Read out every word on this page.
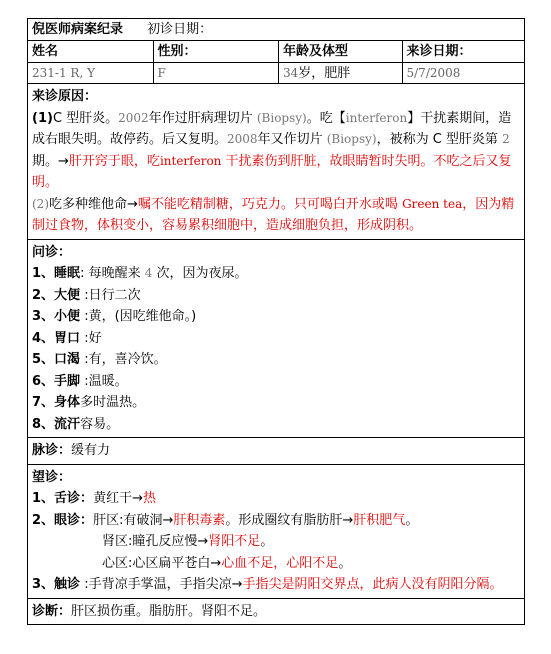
倪医师病案纪录 初诊日期：
姓名	性别：	年龄及体型	来诊日期：
231-1 R, Y	F	34岁，肥胖	5/7/2008
来诊原因：
(1)C 型肝炎。2002年作过肝病理切片 (Biopsy)。吃【interferon】干扰素期间，造成右眼失明。故停药。后又复明。2008年又作切片 (Biopsy)，被称为 C 型肝炎第 2 期。→肝开窍于眼，吃interferon 干扰素伤到肝脏，故眼睛暂时失明。不吃之后又复明。
(2)吃多种维他命→嘱不能吃精制糖，巧克力。只可喝白开水或喝 Green tea，因为精制过食物，体积变小，容易累积细胞中，造成细胞负担，形成阴积。
问诊：
1、睡眠: 每晚醒来 4 次，因为夜尿。
2、大便 :日行二次
3、小便 :黄，(因吃维他命。)
4、胃口 :好
5、口渴 :有，喜冷饮。
6、手脚 :温暖。
7、身体多时温热。
8、流汗容易。
脉诊：缓有力
望诊：
1、舌诊：黄红干→热
2、眼诊：肝区:有破洞→肝积毒素。形成圈纹有脂肪肝→肝积肥气。
肾区:瞳孔反应慢→肾阳不足。
心区:心区扁平苍白→心血不足，心阳不足。
3、触诊 :手背凉手掌温，手指尖凉→手指尖是阴阳交界点，此病人没有阴阳分隔。
诊断：肝区损伤重。脂肪肝。肾阳不足。
